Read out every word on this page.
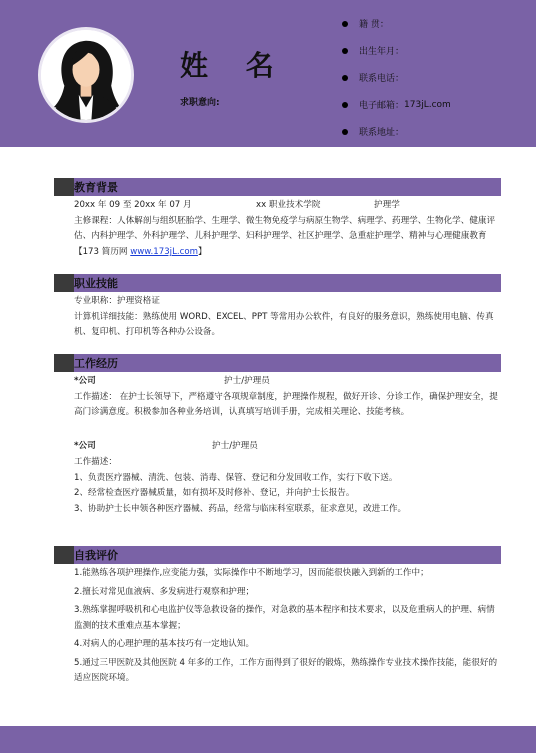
姓 名
求职意向:
籍 贯：
出生年月：
联系电话：
电子邮箱： 173jL.com
联系地址：
教育背景
20xx 年 09 至 20xx 年 07 月	xx 职业技术学院	护理学

主修课程：人体解剖与组织胚胎学、生理学、微生物免疫学与病原生物学、病理学、药理学、生物化学、健康评估、内科护理学、外科护理学、儿科护理学、妇科护理学、社区护理学、急重症护理学、精神与心理健康教育【173 简历网 www.173jL.com】

职业技能

专业职称：护理资格证

计算机详细技能：熟练使用 WORD、EXCEL、PPT 等常用办公软件，有良好的服务意识，熟练使用电脑、传真机、复印机、打印机等各种办公设备。

工作经历
*公司	护士/护理员

工作描述： 在护士长领导下，严格遵守各项规章制度，护理操作规程，做好开诊、分诊工作，确保护理安全，提高门诊满意度。积极参加各种业务培训，认真填写培训手册，完成相关理论、技能考核。

*公司	护士/护理员

工作描述：

1、负责医疗器械、清洗、包装、消毒、保管、登记和分发回收工作，实行下收下送。

2、经常检查医疗器械质量，如有损坏及时修补、登记，并向护士长报告。

3、协助护士长申领各种医疗器械、药品，经常与临床科室联系，征求意见，改进工作。

自我评价

1.能熟练各项护理操作,应变能力强，实际操作中不断地学习，因而能很快融入到新的工作中；

2.擅长对常见血液病、多发病进行观察和护理；

3.熟练掌握呼吸机和心电监护仪等急救设备的操作，对急救的基本程序和技术要求，以及危重病人的护理、病情监测的技术重难点基本掌握；

4.对病人的心理护理的基本技巧有一定地认知。

5.通过三甲医院及其他医院 4 年多的工作，工作方面得到了很好的锻炼，熟练操作专业技术操作技能，能很好的适应医院环境。
